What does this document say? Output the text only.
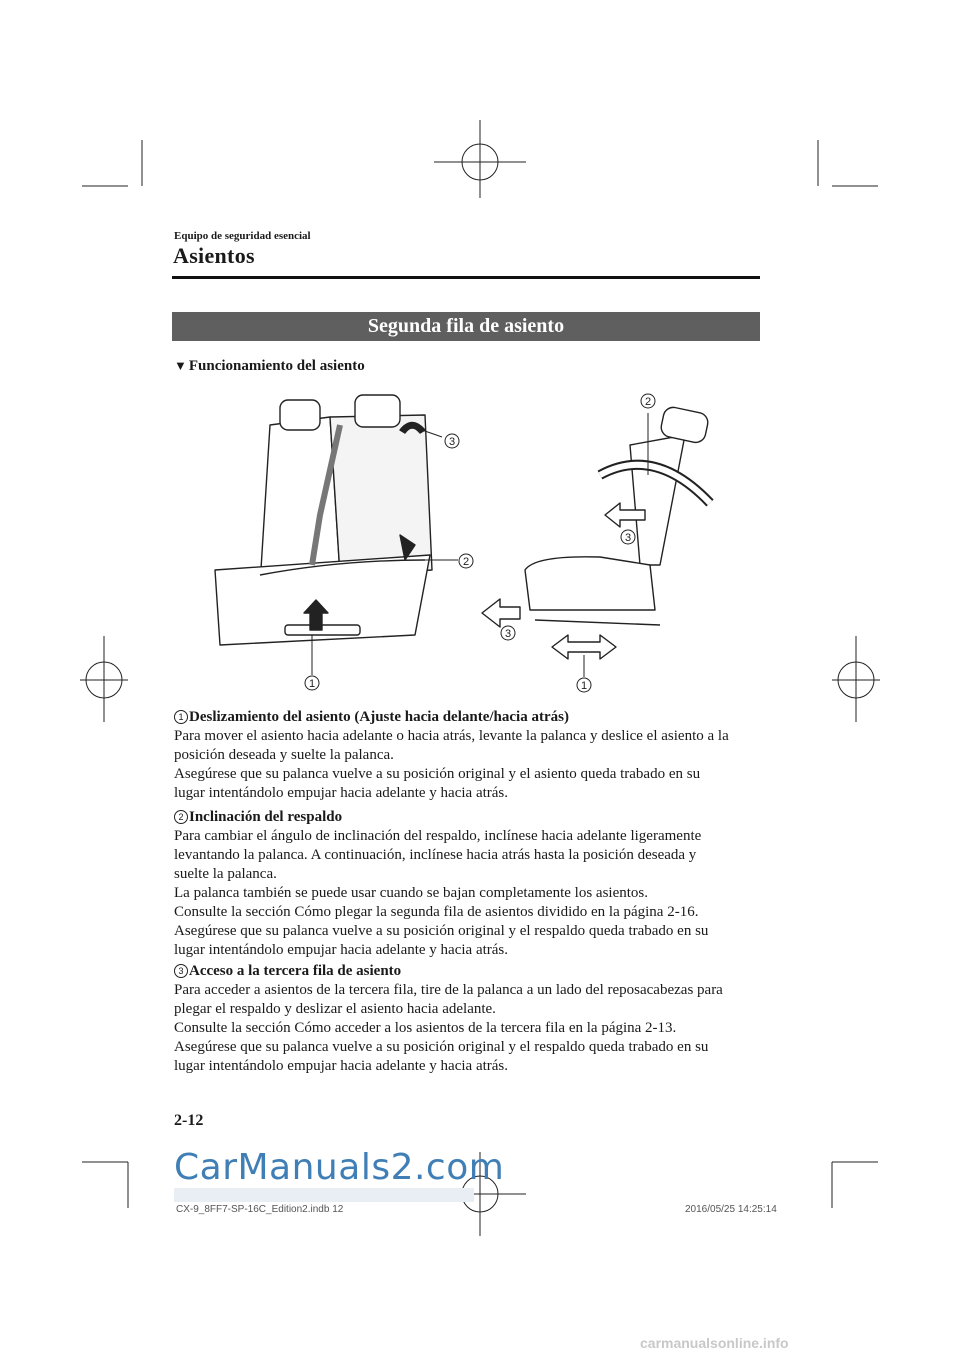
Equipo de seguridad esencial
Asientos
Segunda fila de asiento
▼ Funcionamiento del asiento
1
2
3
2
3
3
1

1 Deslizamiento del asiento (Ajuste hacia delante/hacia atrás)

Para mover el asiento hacia adelante o hacia atrás, levante la palanca y deslice el asiento a la

posición deseada y suelte la palanca.

Asegúrese que su palanca vuelve a su posición original y el asiento queda trabado en su

lugar intentándolo empujar hacia adelante y hacia atrás.

2 Inclinación del respaldo

Para cambiar el ángulo de inclinación del respaldo, inclínese hacia adelante ligeramente

levantando la palanca. A continuación, inclínese hacia atrás hasta la posición deseada y

suelte la palanca.

La palanca también se puede usar cuando se bajan completamente los asientos.

Consulte la sección Cómo plegar la segunda fila de asientos dividido en la página 2-16.

Asegúrese que su palanca vuelve a su posición original y el respaldo queda trabado en su

lugar intentándolo empujar hacia adelante y hacia atrás.

3 Acceso a la tercera fila de asiento

Para acceder a asientos de la tercera fila, tire de la palanca a un lado del reposacabezas para

plegar el respaldo y deslizar el asiento hacia adelante.

Consulte la sección Cómo acceder a los asientos de la tercera fila en la página 2-13.

Asegúrese que su palanca vuelve a su posición original y el respaldo queda trabado en su

lugar intentándolo empujar hacia adelante y hacia atrás.

2-12
CarManuals2.com
CX-9_8FF7-SP-16C_Edition2.indb 12	2016/05/25 14:25:14
carmanualsonline.info
